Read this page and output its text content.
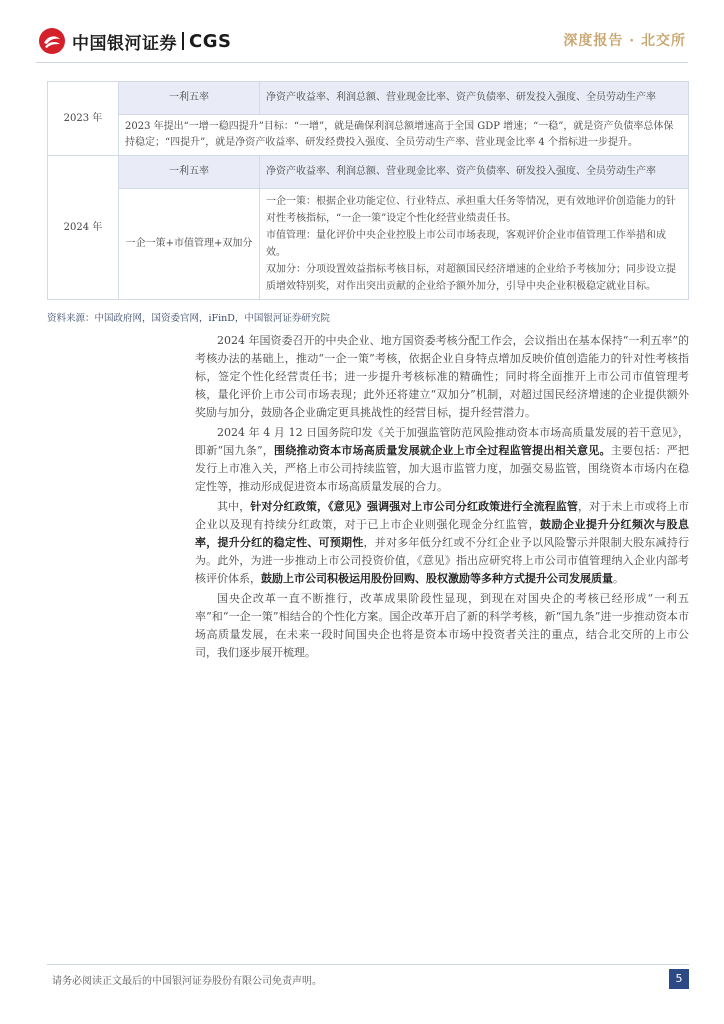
中国银河证券 CGS	深度报告 · 北交所
2023 年	一利五率	净资产收益率、利润总额、营业现金比率、资产负债率、研发投入强度、全员劳动生产率
	2023 年提出“一增一稳四提升”目标：“一增”，就是确保利润总额增速高于全国 GDP 增速；“一稳”，就是资产负债率总体保持稳定；“四提升”，就是净资产收益率、研发经费投入强度、全员劳动生产率、营业现金比率 4 个指标进一步提升。	
2024 年	一利五率	净资产收益率、利润总额、营业现金比率、资产负债率、研发投入强度、全员劳动生产率
	一企一策+市值管理+双加分	一企一策：根据企业功能定位、行业特点、承担重大任务等情况，更有效地评价创造能力的针对性考核指标，“一企一策”设定个性化经营业绩责任书。

市值管理：量化评价中央企业控股上市公司市场表现，客观评价企业市值管理工作举措和成效。

双加分：分项设置效益指标考核目标，对超额国民经济增速的企业给予考核加分；同步设立提质增效特别奖，对作出突出贡献的企业给予额外加分，引导中央企业积极稳定就业目标。

资料来源：中国政府网，国资委官网，iFinD，中国银河证券研究院

2024 年国资委召开的中央企业、地方国资委考核分配工作会，会议指出在基本保持“一利五率”的考核办法的基础上，推动“一企一策”考核，依据企业自身特点增加反映价值创造能力的针对性考核指标，签定个性化经营责任书；进一步提升考核标准的精确性；同时将全面推开上市公司市值管理考核，量化评价上市公司市场表现；此外还将建立“双加分”机制，对超过国民经济增速的企业提供额外奖励与加分，鼓励各企业确定更具挑战性的经营目标，提升经营潜力。

2024 年 4 月 12 日国务院印发《关于加强监管防范风险推动资本市场高质量发展的若干意见》，即新“国九条”，围绕推动资本市场高质量发展就企业上市全过程监管提出相关意见。主要包括：严把发行上市准入关，严格上市公司持续监管，加大退市监管力度，加强交易监管，围绕资本市场内在稳定性等，推动形成促进资本市场高质量发展的合力。

其中，针对分红政策，《意见》强调强对上市公司分红政策进行全流程监管，对于未上市或将上市企业以及现有持续分红政策，对于已上市企业则强化现金分红监管，鼓励企业提升分红频次与股息率，提升分红的稳定性、可预期性，并对多年低分红或不分红企业予以风险警示并限制大股东减持行为。此外，为进一步推动上市公司投资价值，《意见》指出应研究将上市公司市值管理纳入企业内部考核评价体系，鼓励上市公司积极运用股份回购、股权激励等多种方式提升公司发展质量。

国央企改革一直不断推行，改革成果阶段性显现，到现在对国央企的考核已经形成“一利五率”和“一企一策”相结合的个性化方案。国企改革开启了新的科学考核，新“国九条”进一步推动资本市场高质量发展，在未来一段时间国央企也将是资本市场中投资者关注的重点，结合北交所的上市公司，我们逐步展开梳理。

请务必阅读正文最后的中国银河证券股份有限公司免责声明。	5
